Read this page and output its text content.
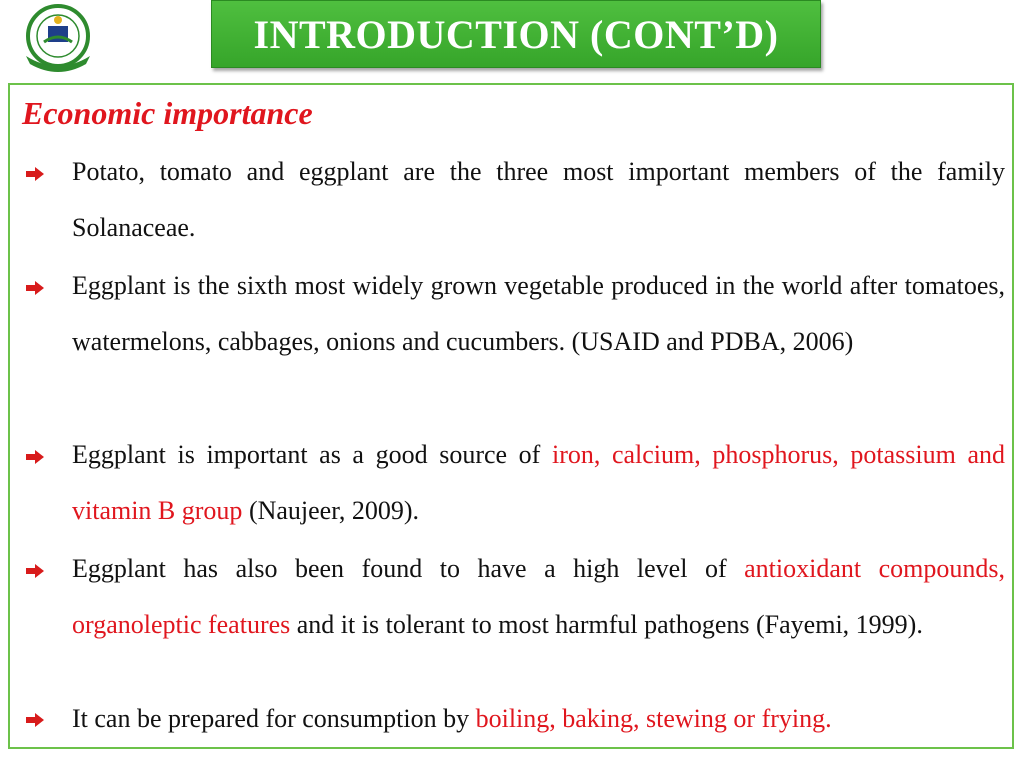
INTRODUCTION (CONT’D)
Economic importance
Potato, tomato and eggplant are the three most important members of the family Solanaceae.
Eggplant is the sixth most widely grown vegetable produced in the world after tomatoes, watermelons, cabbages, onions and cucumbers. (USAID and PDBA, 2006)
Eggplant is important as a good source of iron, calcium, phosphorus, potassium and vitamin B group (Naujeer, 2009).
Eggplant has also been found to have a high level of antioxidant compounds, organoleptic features and it is tolerant to most harmful pathogens (Fayemi, 1999).
It can be prepared for consumption by boiling, baking, stewing or frying.
